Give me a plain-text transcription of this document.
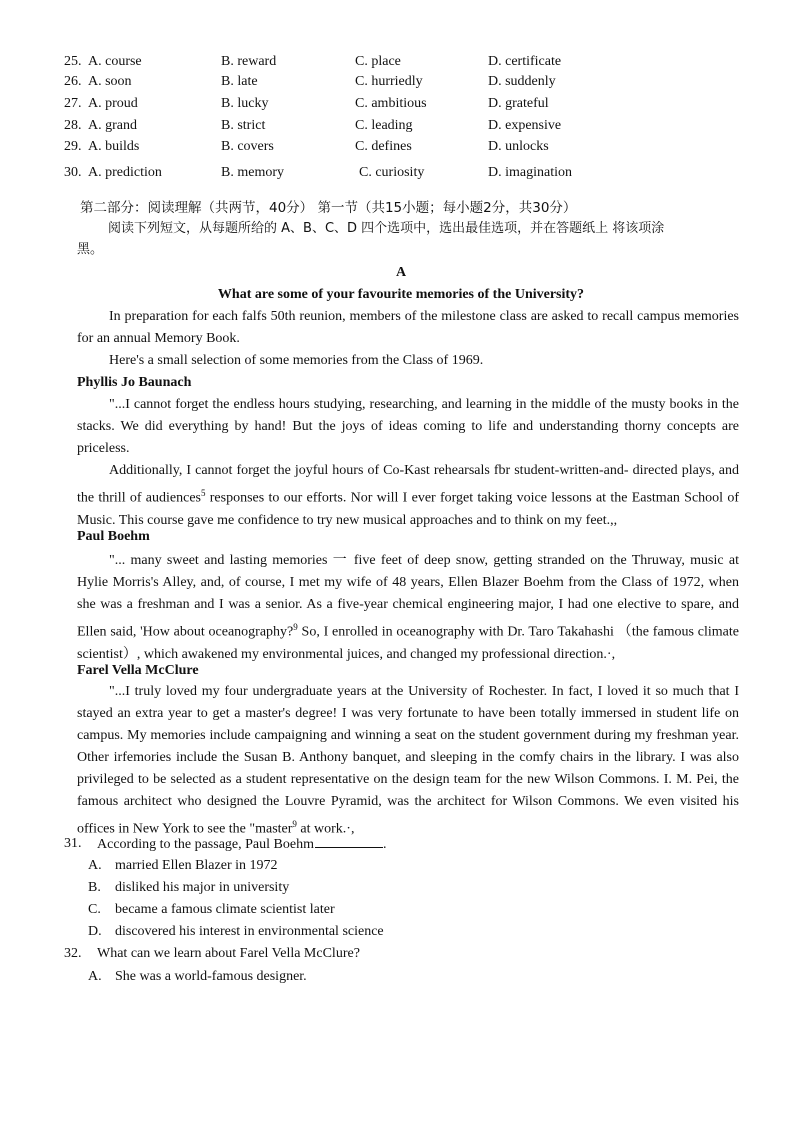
25. A. course	B. reward	C. place	D. certificate
26. A. soon	B. late	C. hurriedly	D. suddenly
27. A. proud	B. lucky	C. ambitious	D. grateful
28. A. grand	B. strict	C. leading	D. expensive
29. A. builds	B. covers	C. defines	D. unlocks
30. A. prediction	B. memory	C. curiosity	D. imagination
第二部分：阅读理解（共两节，40分） 第一节（共15小题；每小题2分，共30分）
阅读下列短文，从每题所给的 A、B、C、D 四个选项中，选出最佳选项，并在答题纸上 将该项涂
黑。
A
What are some of your favourite memories of the University?

In preparation for each falfs 50th reunion, members of the milestone class are asked to recall campus memories for an annual Memory Book.

Here's a small selection of some memories from the Class of 1969.

Phyllis Jo Baunach

"...I cannot forget the endless hours studying, researching, and learning in the middle of the musty books in the stacks. We did everything by hand! But the joys of ideas coming to life and understanding thorny concepts are priceless.

Additionally, I cannot forget the joyful hours of Co-Kast rehearsals fbr student-written-and- directed plays, and the thrill of audiences$^5$ responses to our efforts. Nor will I ever forget taking voice lessons at the Eastman School of Music. This course gave me confidence to try new musical approaches and to think on my feet.,,

Paul Boehm

"... many sweet and lasting memories 一 five feet of deep snow, getting stranded on the Thruway, music at Hylie Morris's Alley, and, of course, I met my wife of 48 years, Ellen Blazer Boehm from the Class of 1972, when she was a freshman and I was a senior. As a five-year chemical engineering major, I had one elective to spare, and Ellen said, 'How about oceanography?$^9$ So, I enrolled in oceanography with Dr. Taro Takahashi （the famous climate scientist）, which awakened my environmental juices, and changed my professional direction.·,

Farel Vella McClure

"...I truly loved my four undergraduate years at the University of Rochester. In fact, I loved it so much that I stayed an extra year to get a master's degree! I was very fortunate to have been totally immersed in student life on campus. My memories include campaigning and winning a seat on the student government during my freshman year. Other irfemories include the Susan B. Anthony banquet, and sleeping in the comfy chairs in the library. I was also privileged to be selected as a student representative on the design team for the new Wilson Commons. I. M. Pei, the famous architect who designed the Louvre Pyramid, was the architect for Wilson Commons. We even visited his offices in New York to see the "master$^9$ at work.·,

31. According to the passage, Paul Boehm	.
A. married Ellen Blazer in 1972
B. disliked his major in university
C. became a famous climate scientist later
D. discovered his interest in environmental science
32. What can we learn about Farel Vella McClure?
A. She was a world-famous designer.
